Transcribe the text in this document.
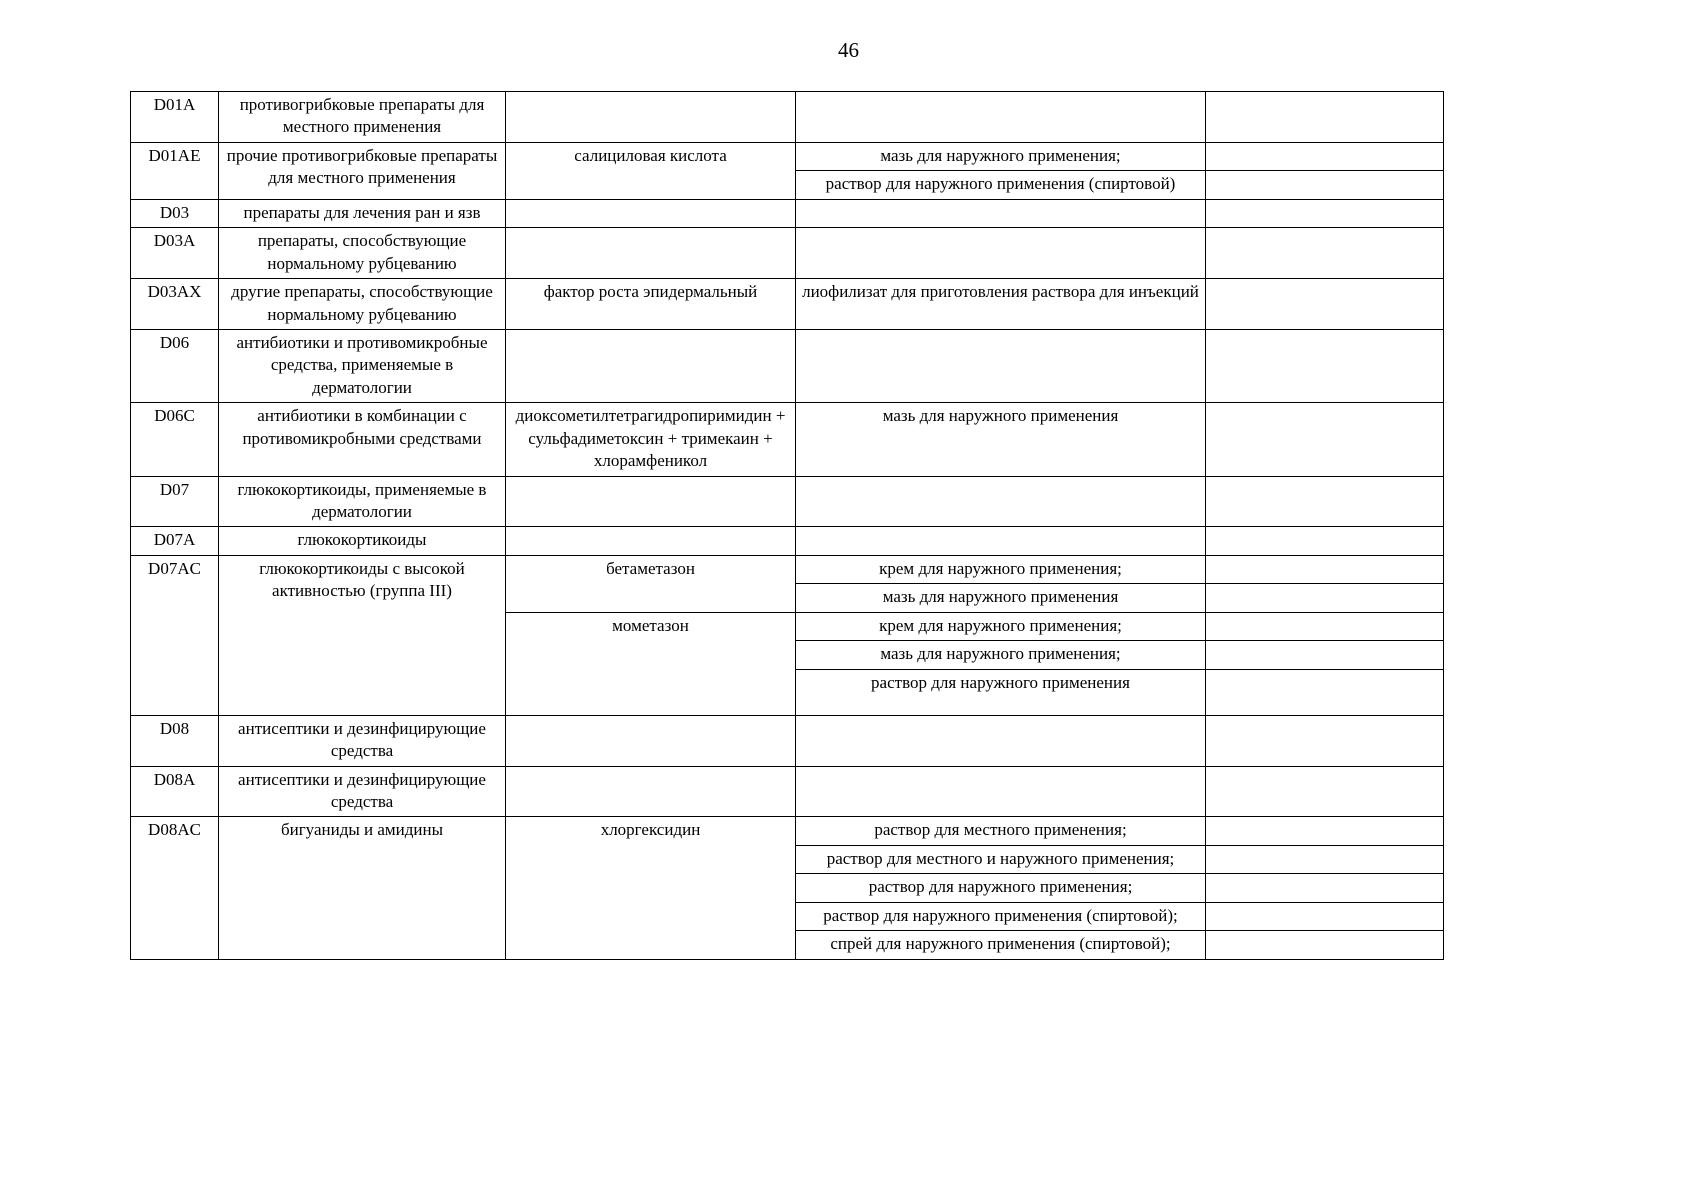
46
D01A	противогрибковые препараты для местного применения			
D01AE	прочие противогрибковые препараты для местного применения	салициловая кислота	мазь для наружного применения;	
			раствор для наружного применения (спиртовой)	
D03	препараты для лечения ран и язв			
D03A	препараты, способствующие нормальному рубцеванию			
D03AX	другие препараты, способствующие нормальному рубцеванию	фактор роста эпидермальный	лиофилизат для приготовления раствора для инъекций	
D06	антибиотики и противомикробные средства, применяемые в дерматологии			
D06C	антибиотики в комбинации с противомикробными средствами	диоксометилтетрагидропиримидин + сульфадиметоксин + тримекаин + хлорамфеникол	мазь для наружного применения	
D07	глюкокортикоиды, применяемые в дерматологии			
D07A	глюкокортикоиды			
D07AC	глюкокортикоиды с высокой активностью (группа III)	бетаметазон	крем для наружного применения;	
			мазь для наружного применения	
		мометазон	крем для наружного применения;	
			мазь для наружного применения;	
			раствор для наружного применения	
D08	антисептики и дезинфицирующие средства			
D08A	антисептики и дезинфицирующие средства			
D08AC	бигуаниды и амидины	хлоргексидин	раствор для местного применения;	
			раствор для местного и наружного применения;	
			раствор для наружного применения;	
			раствор для наружного применения (спиртовой);	
			спрей для наружного применения (спиртовой);	
